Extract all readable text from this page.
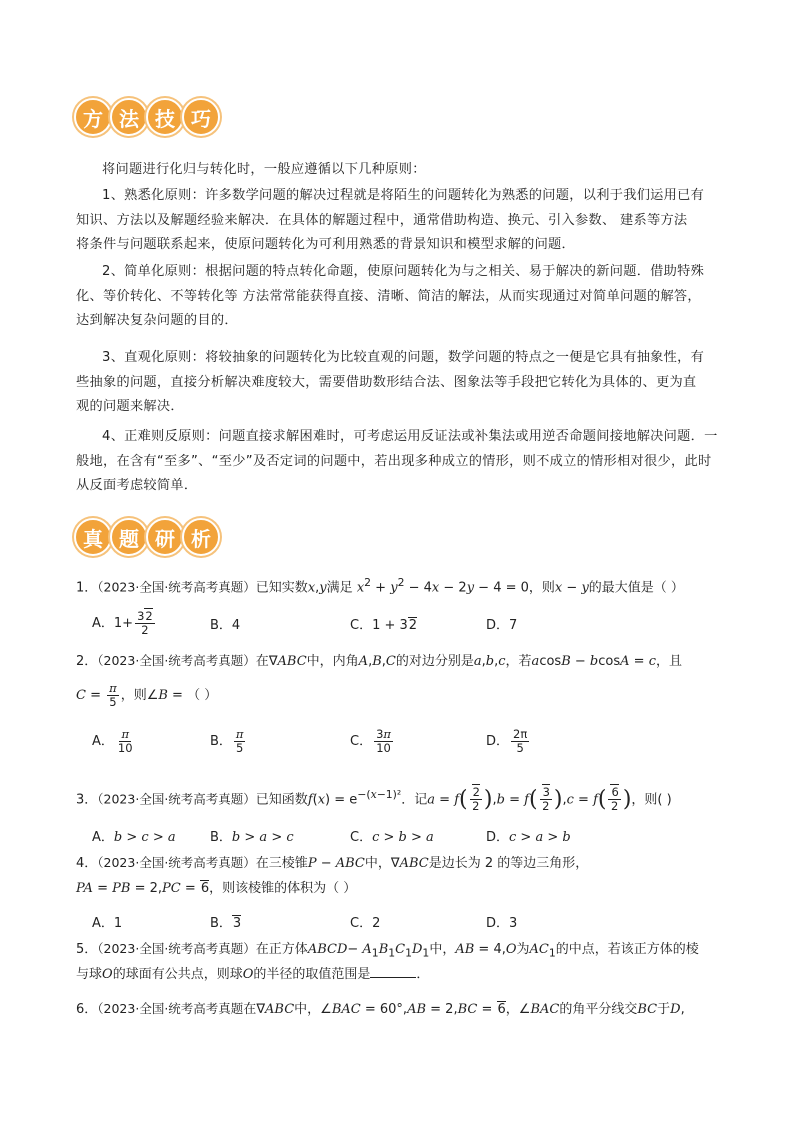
方 法 技 巧
将问题进行化归与转化时，一般应遵循以下几种原则：
1、熟悉化原则：许多数学问题的解决过程就是将陌生的问题转化为熟悉的问题，以利于我们运用已有
知识、方法以及解题经验来解决．在具体的解题过程中，通常借助构造、换元、引入参数、 建系等方法
将条件与问题联系起来，使原问题转化为可利用熟悉的背景知识和模型求解的问题．
2、简单化原则：根据问题的特点转化命题，使原问题转化为与之相关、易于解决的新问题．借助特殊
化、等价转化、不等转化等 方法常常能获得直接、清晰、简洁的解法，从而实现通过对简单问题的解答，
达到解决复杂问题的目的．
3、直观化原则：将较抽象的问题转化为比较直观的问题，数学问题的特点之一便是它具有抽象性，有
些抽象的问题，直接分析解决难度较大，需要借助数形结合法、图象法等手段把它转化为具体的、更为直
观的问题来解决．
4、正难则反原则：问题直接求解困难时，可考虑运用反证法或补集法或用逆否命题间接地解决问题．一
般地，在含有“至多”、“至少”及否定词的问题中，若出现多种成立的情形，则不成立的情形相对很少，此时
从反面考虑较简单．
真 题 研 析
1．（2023·全国·统考高考真题）已知实数x,y满足 $x^2 + y^2 - 4x - 2y - 4 = 0$，则x − y的最大值是（ ）
A．$1+ \frac{32}{2}$	B．4	C．1 + 32	D．7
2．（2023·全国·统考高考真题）在∇ABC中，内角A,B,C的对边分别是a,b,c，若acosB − bcosA = c，且
$C = \frac{\pi}{5}$ ，则∠B = （ ）
A． $\frac{\pi}{10}$	B． $\frac{\pi}{5}$	C． $\frac{3\pi}{10}$	D． $\frac{2\pi}{5}$
3．（2023·全国·统考高考真题）已知函数$f(x) = e^{-(x-1)^2}$．记$a = f( \frac{2}{2} ),b = f( \frac{3}{2} ),c = f( \frac{6}{2}$ )，则( )
A．b > c > a	B．b > a > c	C．c > b > a	D．c > a > b
4．（2023·全国·统考高考真题）在三棱锥P − ABC中，∇ABC是边长为 2 的等边三角形，
PA = PB = 2,PC = 6，则该棱锥的体积为（ ）
A．1	B．3	C．2	D．3
5．（2023·全国·统考高考真题）在正方体ABCD− $A_1B_1C_1D_1$中，AB = 4,O为$AC_1$的中点，若该正方体的棱
与球O的球面有公共点，则球O的半径的取值范围是	．
6．（2023·全国·统考高考真题在∇ABC中，∠BAC = 60°,AB = 2,BC = 6，∠BAC的角平分线交BC于D,
